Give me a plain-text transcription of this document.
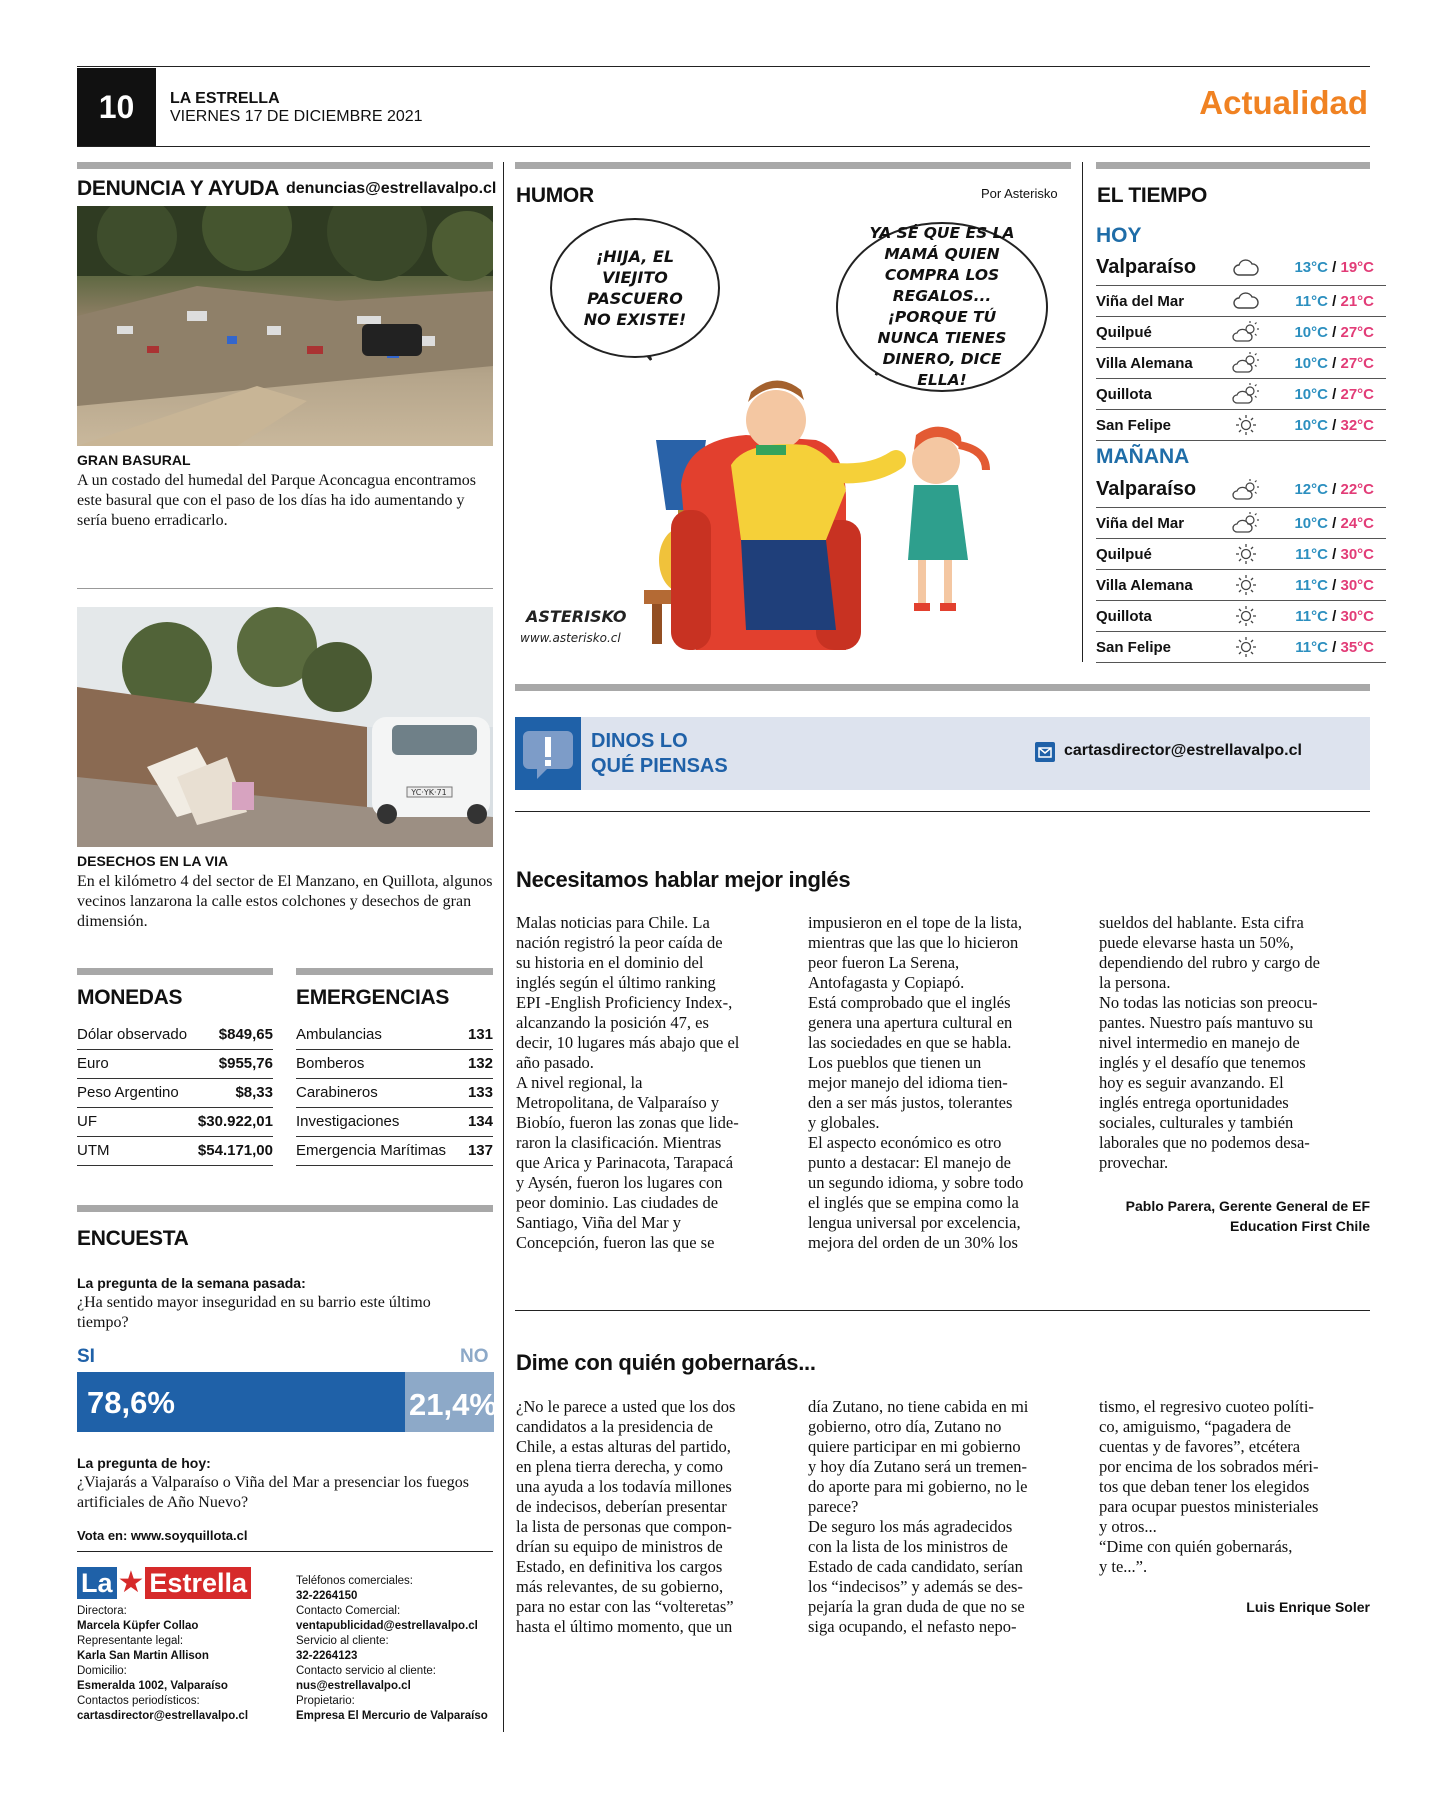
10	LA ESTRELLA
VIERNES 17 DE DICIEMBRE 2021	Actualidad
DENUNCIA Y AYUDA denuncias@estrellavalpo.cl
GRAN BASURAL
A un costado del humedal del Parque Aconcagua encontramos este basural que con el paso de los días ha ido aumentando y sería bueno erradicarlo.
YC·YK·71
DESECHOS EN LA VIA
En el kilómetro 4 del sector de El Manzano, en Quillota, algunos vecinos lanzarona la calle estos colchones y desechos de gran dimensión.
MONEDAS	EMERGENCIAS
Dólar observado	$849,65
Euro	$955,76
Peso Argentino	$8,33
UF	$30.922,01
UTM	$54.171,00
Ambulancias	131
Bomberos	132
Carabineros	133
Investigaciones	134
Emergencia Marítimas	137
ENCUESTA
La pregunta de la semana pasada:
¿Ha sentido mayor inseguridad en su barrio este último tiempo?
SI	NO
78,6%	21,4%
La pregunta de hoy:
¿Viajarás a Valparaíso o Viña del Mar a presenciar los fuegos artificiales de Año Nuevo?
Vota en: www.soyquillota.cl
La ★ Estrella
Directora:
Marcela Küpfer Collao
Representante legal:
Karla San Martin Allison
Domicilio:
Esmeralda 1002, Valparaíso
Contactos periodísticos:
cartasdirector@estrellavalpo.cl
Teléfonos comerciales:
32-2264150
Contacto Comercial:
ventapublicidad@estrellavalpo.cl
Servicio al cliente:
32-2264123
Contacto servicio al cliente:
nus@estrellavalpo.cl
Propietario:
Empresa El Mercurio de Valparaíso
HUMOR	Por Asterisko
ASTERISKO
www.asterisko.cl
¡HIJA, EL VIEJITO PASCUERO NO EXISTE!
YA SÉ QUE ES LA MAMÁ QUIEN COMPRA LOS REGALOS... ¡PORQUE TÚ NUNCA TIENES DINERO, DICE ELLA!
EL TIEMPO
HOY
Valparaíso	13°C / 19°C
Viña del Mar	11°C / 21°C
Quilpué	10°C / 27°C
Villa Alemana	10°C / 27°C
Quillota	10°C / 27°C
San Felipe	10°C / 32°C
MAÑANA
Valparaíso	12°C / 22°C
Viña del Mar	10°C / 24°C
Quilpué	11°C / 30°C
Villa Alemana	11°C / 30°C
Quillota	11°C / 30°C
San Felipe	11°C / 35°C
DINOS LO
QUÉ PIENSAS
cartasdirector@estrellavalpo.cl
Necesitamos hablar mejor inglés
Malas noticias para Chile. La
nación registró la peor caída de
su historia en el dominio del
inglés según el último ranking
EPI -English Proficiency Index-,
alcanzando la posición 47, es
decir, 10 lugares más abajo que el
año pasado.
A nivel regional, la
Metropolitana, de Valparaíso y
Biobío, fueron las zonas que lide-
raron la clasificación. Mientras
que Arica y Parinacota, Tarapacá
y Aysén, fueron los lugares con
peor dominio. Las ciudades de
Santiago, Viña del Mar y
Concepción, fueron las que se
impusieron en el tope de la lista,
mientras que las que lo hicieron
peor fueron La Serena,
Antofagasta y Copiapó.
Está comprobado que el inglés
genera una apertura cultural en
las sociedades en que se habla.
Los pueblos que tienen un
mejor manejo del idioma tien-
den a ser más justos, tolerantes
y globales.
El aspecto económico es otro
punto a destacar: El manejo de
un segundo idioma, y sobre todo
el inglés que se empina como la
lengua universal por excelencia,
mejora del orden de un 30% los
sueldos del hablante. Esta cifra
puede elevarse hasta un 50%,
dependiendo del rubro y cargo de
la persona.
No todas las noticias son preocu-
pantes. Nuestro país mantuvo su
nivel intermedio en manejo de
inglés y el desafío que tenemos
hoy es seguir avanzando. El
inglés entrega oportunidades
sociales, culturales y también
laborales que no podemos desa-
provechar.
Pablo Parera, Gerente General de EF
Education First Chile
Dime con quién gobernarás...
¿No le parece a usted que los dos
candidatos a la presidencia de
Chile, a estas alturas del partido,
en plena tierra derecha, y como
una ayuda a los todavía millones
de indecisos, deberían presentar
la lista de personas que compon-
drían su equipo de ministros de
Estado, en definitiva los cargos
más relevantes, de su gobierno,
para no estar con las “volteretas”
hasta el último momento, que un
día Zutano, no tiene cabida en mi
gobierno, otro día, Zutano no
quiere participar en mi gobierno
y hoy día Zutano será un tremen-
do aporte para mi gobierno, no le
parece?
De seguro los más agradecidos
con la lista de los ministros de
Estado de cada candidato, serían
los “indecisos” y además se des-
pejaría la gran duda de que no se
siga ocupando, el nefasto nepo-
tismo, el regresivo cuoteo políti-
co, amiguismo, “pagadera de
cuentas y de favores”, etcétera
por encima de los sobrados méri-
tos que deban tener los elegidos
para ocupar puestos ministeriales
y otros...
“Dime con quién gobernarás,
y te...”.
Luis Enrique Soler
